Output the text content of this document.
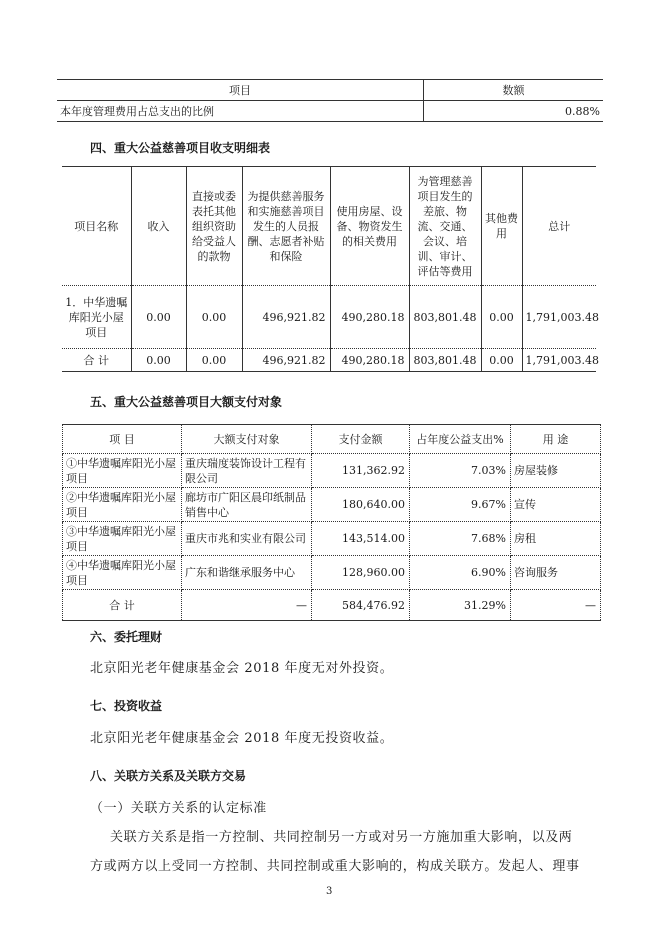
项目	数额
本年度管理费用占总支出的比例	0.88%
四、重大公益慈善项目收支明细表
项目名称	收入	直接或委表托其他组织资助给受益人的款物	为提供慈善服务和实施慈善项目发生的人员报酬、志愿者补贴和保险	使用房屋、设备、物资发生的相关费用	为管理慈善项目发生的差旅、物流、交通、会议、培训、审计、评估等费用	其他费用	总计
1．中华遗嘱库阳光小屋项目	0.00	0.00	496,921.82	490,280.18	803,801.48	0.00	1,791,003.48
合 计	0.00	0.00	496,921.82	490,280.18	803,801.48	0.00	1,791,003.48
五、重大公益慈善项目大额支付对象
项 目	大额支付对象	支付金额	占年度公益支出%	用 途
①中华遗嘱库阳光小屋项目	重庆瑞度装饰设计工程有限公司	131,362.92	7.03%	房屋装修
②中华遗嘱库阳光小屋项目	廊坊市广阳区晨印纸制品销售中心	180,640.00	9.67%	宣传
③中华遗嘱库阳光小屋项目	重庆市兆和实业有限公司	143,514.00	7.68%	房租
④中华遗嘱库阳光小屋项目	广东和谐继承服务中心	128,960.00	6.90%	咨询服务
合 计	—	584,476.92	31.29%	—
六、委托理财
北京阳光老年健康基金会 2018 年度无对外投资。
七、投资收益
北京阳光老年健康基金会 2018 年度无投资收益。
八、关联方关系及关联方交易
（一）关联方关系的认定标准
关联方关系是指一方控制、共同控制另一方或对另一方施加重大影响，以及两
方或两方以上受同一方控制、共同控制或重大影响的，构成关联方。发起人、理事
3
